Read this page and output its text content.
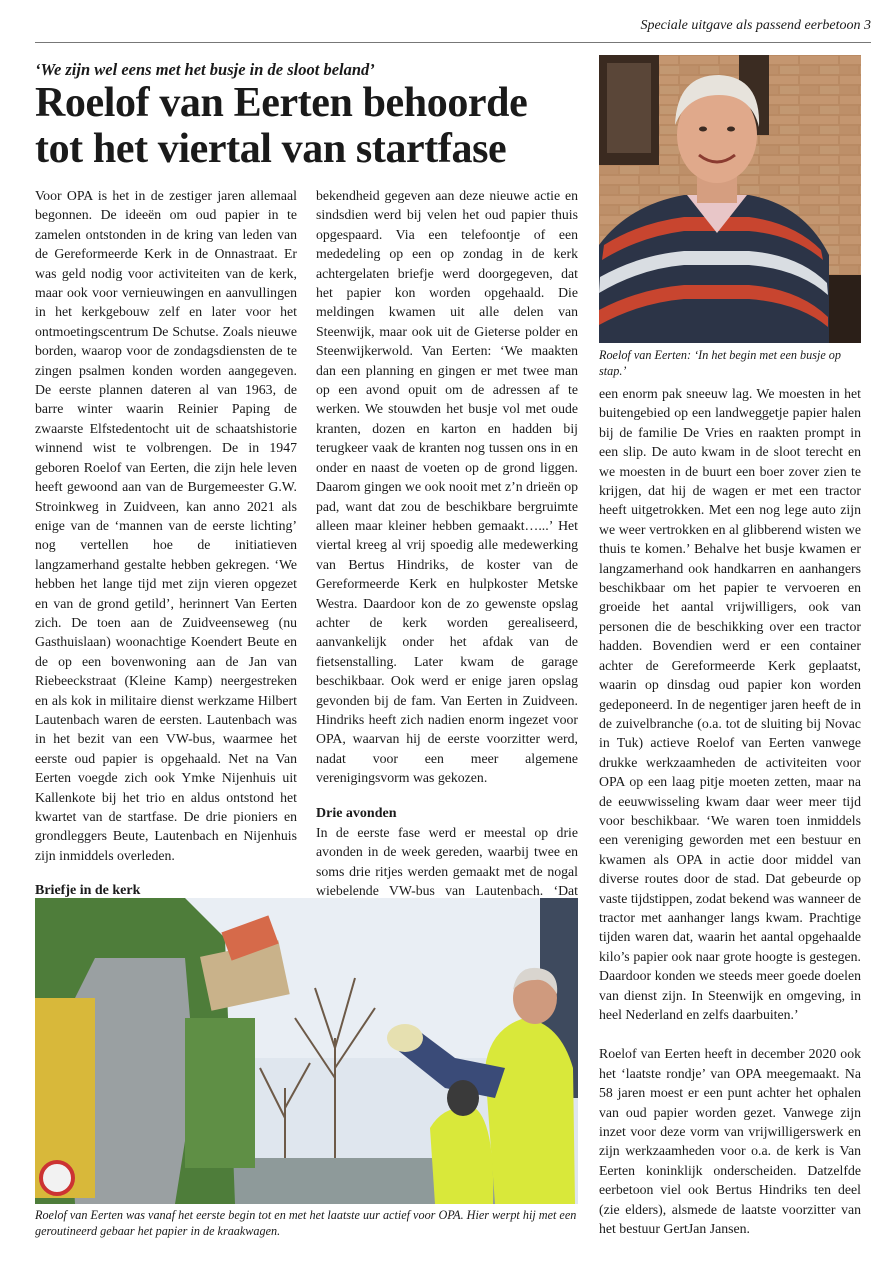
Speciale uitgave als passend eerbetoon 3
‘We zijn wel eens met het busje in de sloot beland’
Roelof van Eerten behoorde
tot het viertal van startfase

Voor OPA is het in de zestiger jaren allemaal begonnen. De ideeën om oud papier in te zamelen ontstonden in de kring van leden van de Gereformeerde Kerk in de Onnastraat. Er was geld nodig voor activiteiten van de kerk, maar ook voor vernieuwingen en aanvullingen in het kerkgebouw zelf en later voor het ontmoetingscentrum De Schutse. Zoals nieuwe borden, waarop voor de zondagsdiensten de te zingen psalmen konden worden aangegeven. De eerste plannen dateren al van 1963, de barre winter waarin Reinier Paping de zwaarste Elfstedentocht uit de schaatshistorie winnend wist te volbrengen. De in 1947 geboren Roelof van Eerten, die zijn hele leven heeft gewoond aan van de Burgemeester G.W. Stroinkweg in Zuidveen, kan anno 2021 als enige van de ‘mannen van de eerste lichting’ nog vertellen hoe de initiatieven langzamerhand gestalte hebben gekregen. ‘We hebben het lange tijd met zijn vieren opgezet en van de grond getild’, herinnert Van Eerten zich. De toen aan de Zuidveenseweg (nu Gasthuislaan) woonachtige Koendert Beute en de op een bovenwoning aan de Jan van Riebeeckstraat (Kleine Kamp) neergestreken en als kok in militaire dienst werkzame Hilbert Lautenbach waren de eersten. Lautenbach was in het bezit van een VW-bus, waarmee het eerste oud papier is opgehaald. Net na Van Eerten voegde zich ook Ymke Nijenhuis uit Kallenkote bij het trio en aldus ontstond het kwartet van de startfase. De drie pioniers en grondleggers Beute, Lautenbach en Nijenhuis zijn inmiddels overleden.

Briefje in de kerk

bekendheid gegeven aan deze nieuwe actie en sindsdien werd bij velen het oud papier thuis opgespaard. Via een telefoontje of een mededeling op een op zondag in de kerk achtergelaten briefje werd doorgegeven, dat het papier kon worden opgehaald. Die meldingen kwamen uit alle delen van Steenwijk, maar ook uit de Gieterse polder en Steenwijkerwold. Van Eerten: ‘We maakten dan een planning en gingen er met twee man op een avond opuit om de adressen af te werken. We stouwden het busje vol met oude kranten, dozen en karton en hadden bij terugkeer vaak de kranten nog tussen ons in en onder en naast de voeten op de grond liggen. Daarom gingen we ook nooit met z’n drieën op pad, want dat zou de beschikbare bergruimte alleen maar kleiner hebben gemaakt…...’ Het viertal kreeg al vrij spoedig alle medewerking van Bertus Hindriks, de koster van de Gereformeerde Kerk en hulpkoster Metske Westra. Daardoor kon de zo gewenste opslag achter de kerk worden gerealiseerd, aanvankelijk onder het afdak van de fietsenstalling. Later kwam de garage beschikbaar. Ook werd er enige jaren opslag gevonden bij de fam. Van Eerten in Zuidveen. Hindriks heeft zich nadien enorm ingezet voor OPA, waarvan hij de eerste voorzitter werd, nadat voor een meer algemene verenigingsvorm was gekozen.

Drie avonden

In de eerste fase werd er meestal op drie avonden in de week gereden, waarbij twee en soms drie ritjes werden gemaakt met de nogal wiebelende VW-bus van Lautenbach. ‘Dat

Roelof van Eerten: ‘In het begin met een busje op stap.’

een enorm pak sneeuw lag. We moesten in het buitengebied op een landweggetje papier halen bij de familie De Vries en raakten prompt in een slip. De auto kwam in de sloot terecht en we moesten in de buurt een boer zover zien te krijgen, dat hij de wagen er met een tractor heeft uitgetrokken. Met een nog lege auto zijn we weer vertrokken en al glibberend wisten we thuis te komen.’ Behalve het busje kwamen er langzamerhand ook handkarren en aanhangers beschikbaar om het papier te vervoeren en groeide het aantal vrijwilligers, ook van personen die de beschikking over een tractor hadden. Bovendien werd er een container achter de Gereformeerde Kerk geplaatst, waarin op dinsdag oud papier kon worden gedeponeerd. In de negentiger jaren heeft de in de zuivelbranche (o.a. tot de sluiting bij Novac in Tuk) actieve Roelof van Eerten vanwege drukke werkzaamheden de activiteiten voor OPA op een laag pitje moeten zetten, maar na de eeuwwisseling kwam daar weer meer tijd voor beschikbaar. ‘We waren toen inmiddels een vereniging geworden met een bestuur en kwamen als OPA in actie door middel van diverse routes door de stad. Dat gebeurde op vaste tijdstippen, zodat bekend was wanneer de tractor met aanhanger langs kwam. Prachtige tijden waren dat, waarin het aantal opgehaalde kilo’s papier ook naar grote hoogte is gestegen. Daardoor konden we steeds meer goede doelen van dienst zijn. In Steenwijk en omgeving, in heel Nederland en zelfs daarbuiten.’

Roelof van Eerten heeft in december 2020 ook het ‘laatste rondje’ van OPA meegemaakt. Na 58 jaren moest er een punt achter het ophalen van oud papier worden gezet. Vanwege zijn inzet voor deze vorm van vrijwilligerswerk en zijn werkzaamheden voor o.a. de kerk is Van Eerten koninklijk onderscheiden. Datzelfde eerbetoon viel ook Bertus Hindriks ten deel (zie elders), alsmede de laatste voorzitter van het bestuur GertJan Jansen.

Roelof van Eerten was vanaf het eerste begin tot en met het laatste uur actief voor OPA. Hier werpt hij met een geroutineerd gebaar het papier in de kraakwagen.
